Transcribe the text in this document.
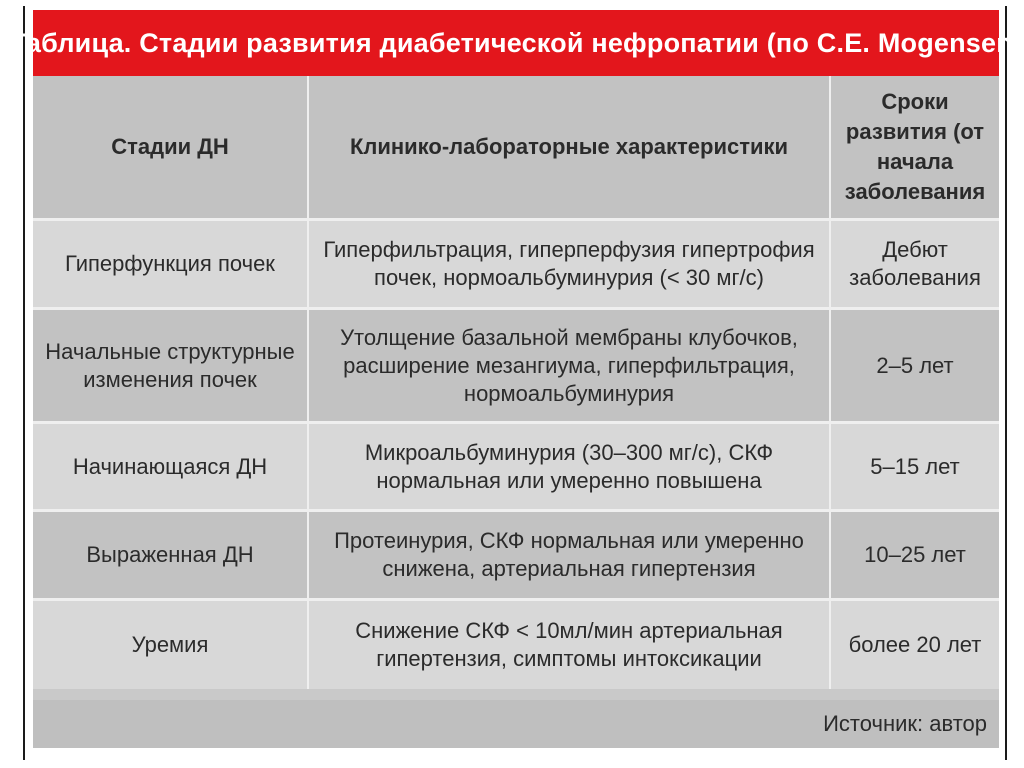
Таблица. Стадии развития диабетической нефропатии (по C.E. Mogensen)
Стадии ДН	Клинико-лабораторные характеристики	Сроки развития (от начала заболевания
Гиперфункция почек	Гиперфильтрация, гиперперфузия гипертрофия почек, нормоальбуминурия (< 30 мг/с)	Дебют заболевания
Начальные структурные изменения почек	Утолщение базальной мембраны клубочков, расширение мезангиума, гиперфильтрация, нормоальбуминурия	2–5 лет
Начинающаяся ДН	Микроальбуминурия (30–300 мг/с), СКФ нормальная или умеренно повышена	5–15 лет
Выраженная ДН	Протеинурия, СКФ нормальная или умеренно снижена, артериальная гипертензия	10–25 лет
Уремия	Снижение СКФ < 10мл/мин артериальная гипертензия, симптомы интоксикации	более 20 лет
Источник: автор
